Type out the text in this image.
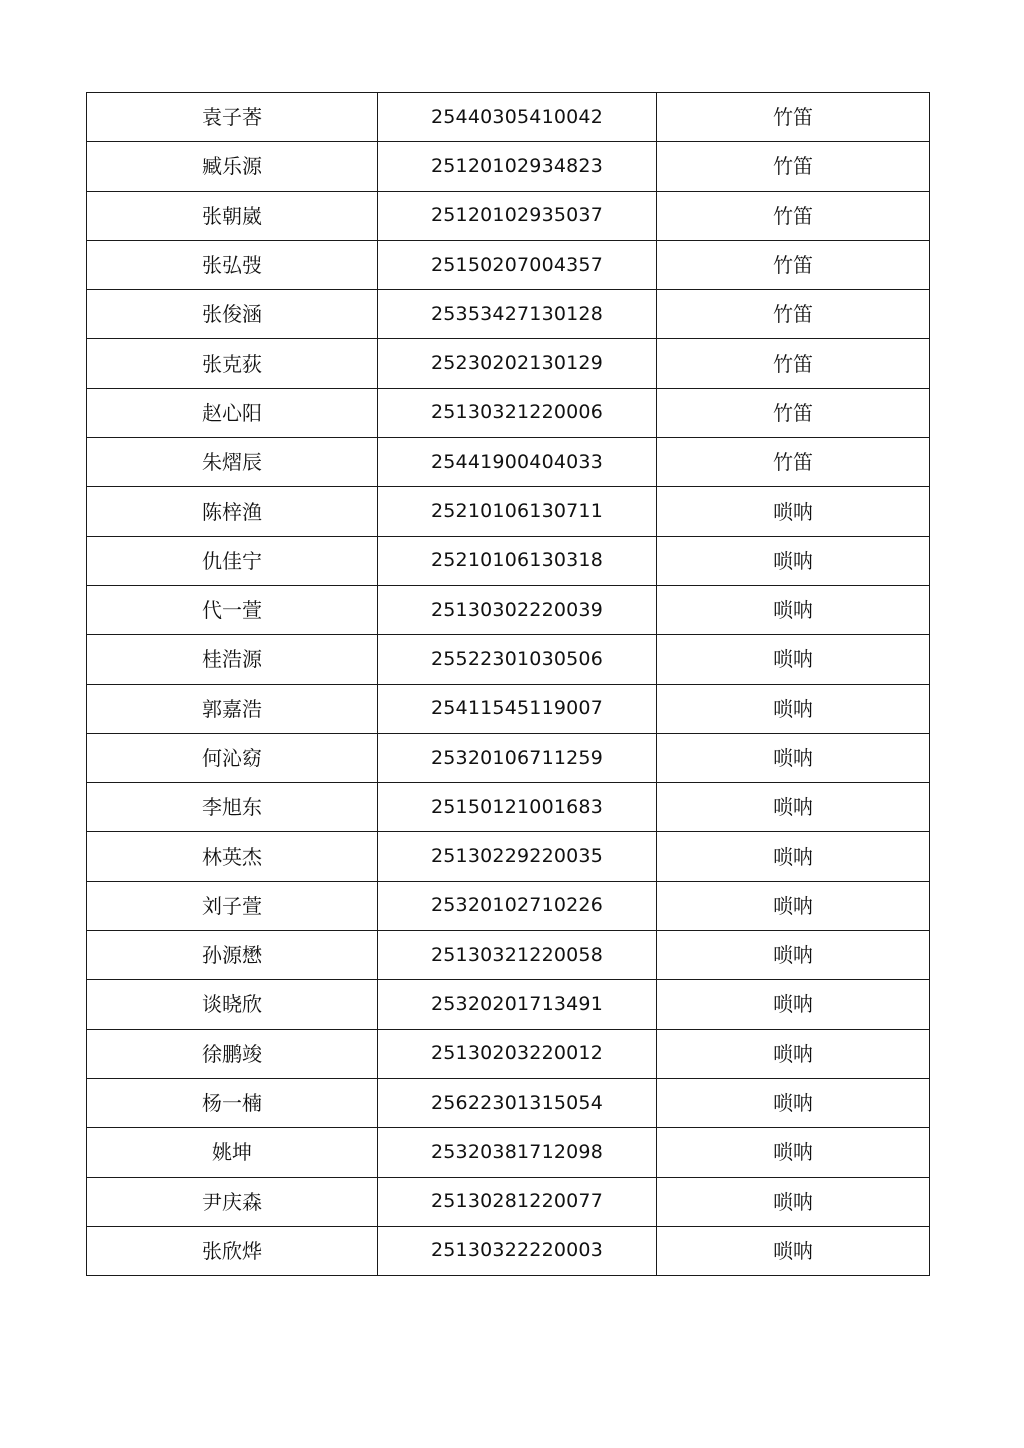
袁子莕	25440305410042	竹笛
臧乐源	25120102934823	竹笛
张朝崴	25120102935037	竹笛
张弘弢	25150207004357	竹笛
张俊涵	25353427130128	竹笛
张克荻	25230202130129	竹笛
赵心阳	25130321220006	竹笛
朱熠辰	25441900404033	竹笛
陈梓渔	25210106130711	唢呐
仇佳宁	25210106130318	唢呐
代一萱	25130302220039	唢呐
桂浩源	25522301030506	唢呐
郭嘉浩	25411545119007	唢呐
何沁窈	25320106711259	唢呐
李旭东	25150121001683	唢呐
林英杰	25130229220035	唢呐
刘子萱	25320102710226	唢呐
孙源懋	25130321220058	唢呐
谈晓欣	25320201713491	唢呐
徐鹏竣	25130203220012	唢呐
杨一楠	25622301315054	唢呐
姚坤	25320381712098	唢呐
尹庆森	25130281220077	唢呐
张欣烨	25130322220003	唢呐
